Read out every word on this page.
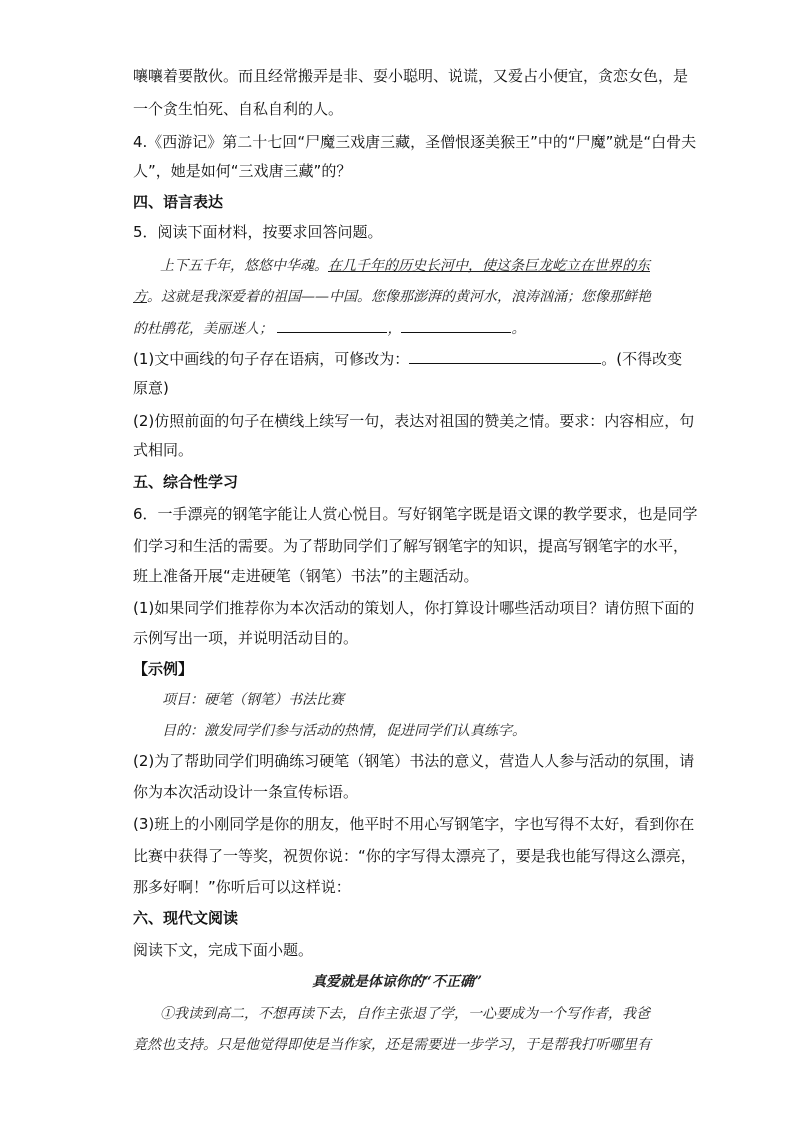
嚷嚷着要散伙。而且经常搬弄是非、耍小聪明、说谎，又爱占小便宜，贪恋女色，是
一个贪生怕死、自私自利的人。
4.《西游记》第二十七回“尸魔三戏唐三藏，圣僧恨逐美猴王”中的“尸魔”就是“白骨夫
人”，她是如何“三戏唐三藏”的？
四、语言表达
5．阅读下面材料，按要求回答问题。
上下五千年，悠悠中华魂。在几千年的历史长河中，使这条巨龙屹立在世界的东
方。这就是我深爱着的祖国——中国。您像那澎湃的黄河水，浪涛汹涌；您像那鲜艳
的杜鹃花，美丽迷人；	，	。
(1)文中画线的句子存在语病，可修改为：	。(不得改变
原意)
(2)仿照前面的句子在横线上续写一句，表达对祖国的赞美之情。要求：内容相应，句
式相同。
五、综合性学习
6．一手漂亮的钢笔字能让人赏心悦目。写好钢笔字既是语文课的教学要求，也是同学
们学习和生活的需要。为了帮助同学们了解写钢笔字的知识，提高写钢笔字的水平，
班上准备开展“走进硬笔（钢笔）书法”的主题活动。
(1)如果同学们推荐你为本次活动的策划人，你打算设计哪些活动项目？请仿照下面的
示例写出一项，并说明活动目的。
【示例】
项目：硬笔（钢笔）书法比赛
目的：激发同学们参与活动的热情，促进同学们认真练字。
(2)为了帮助同学们明确练习硬笔（钢笔）书法的意义，营造人人参与活动的氛围，请
你为本次活动设计一条宣传标语。
(3)班上的小刚同学是你的朋友，他平时不用心写钢笔字，字也写得不太好，看到你在
比赛中获得了一等奖，祝贺你说：“你的字写得太漂亮了，要是我也能写得这么漂亮，
那多好啊！”你听后可以这样说：
六、现代文阅读
阅读下文，完成下面小题。
真爱就是体谅你的“不正确”
①我读到高二，不想再读下去，自作主张退了学，一心要成为一个写作者，我爸
竟然也支持。只是他觉得即使是当作家，还是需要进一步学习，于是帮我打听哪里有
